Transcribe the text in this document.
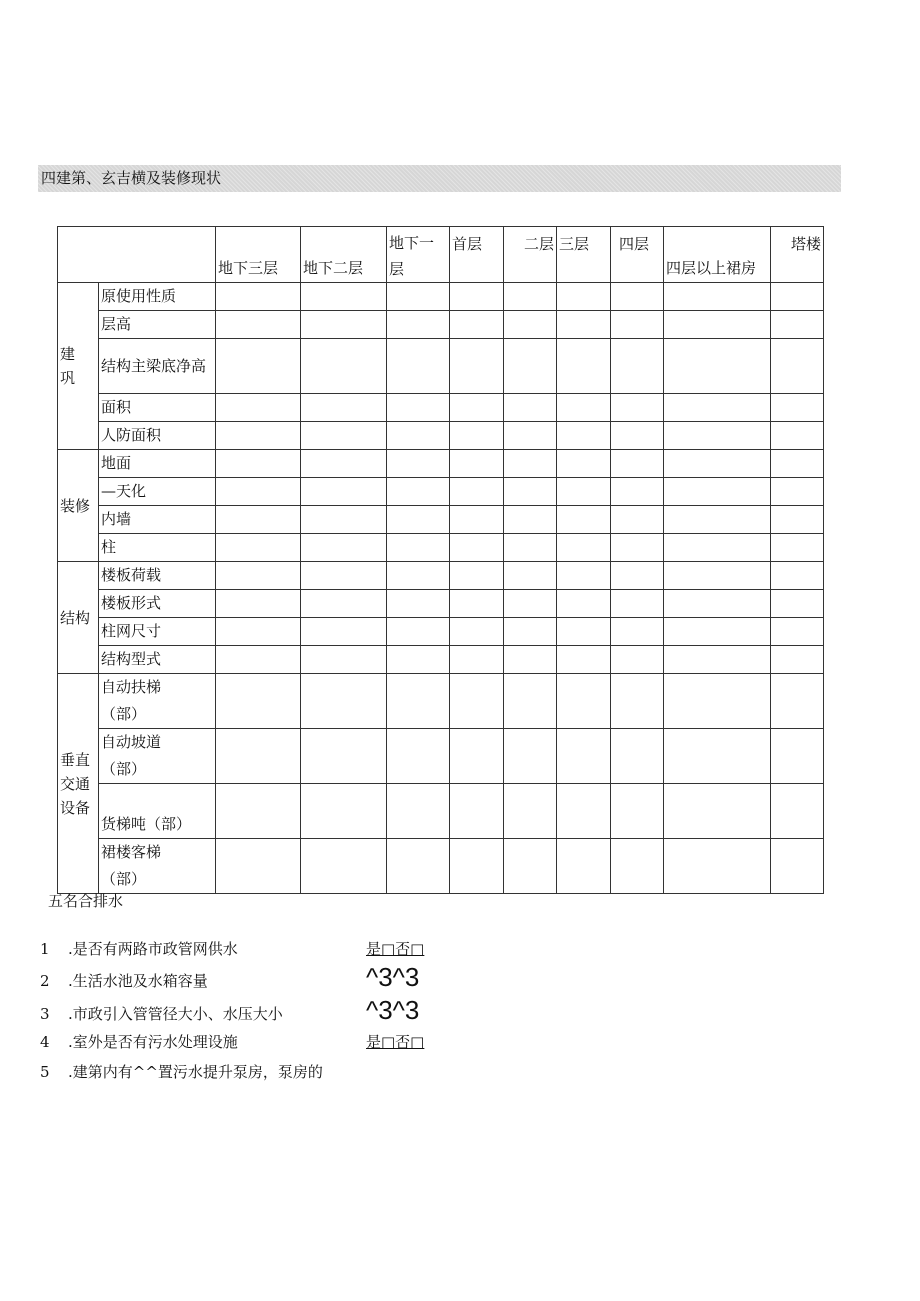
四建第、玄吉横及装修现状
		地下三层	地下二层	地下一层	首层	二层	三层	四层	四层以上裙房	塔楼
建巩	原使用性质									
	层高									
	结构主梁底净高									
	面积									
	人防面积									
装修	地面									
	—天化									
	内墙									
	柱									
结构	楼板荷载									
	楼板形式									
	柱网尺寸									
	结构型式									
垂直交通设备	自动扶梯（部）									
	自动坡道（部）									
	货梯吨（部）									
	裙楼客梯（部）									
五名合排水
1 .是否有两路市政管网供水	是□否□
2 .生活水池及水箱容量	^3^3
3 .市政引入管管径大小、水压大小	^3^3
4 .室外是否有污水处理设施	是□否□
5 .建第内有^^置污水提升泵房，泵房的
